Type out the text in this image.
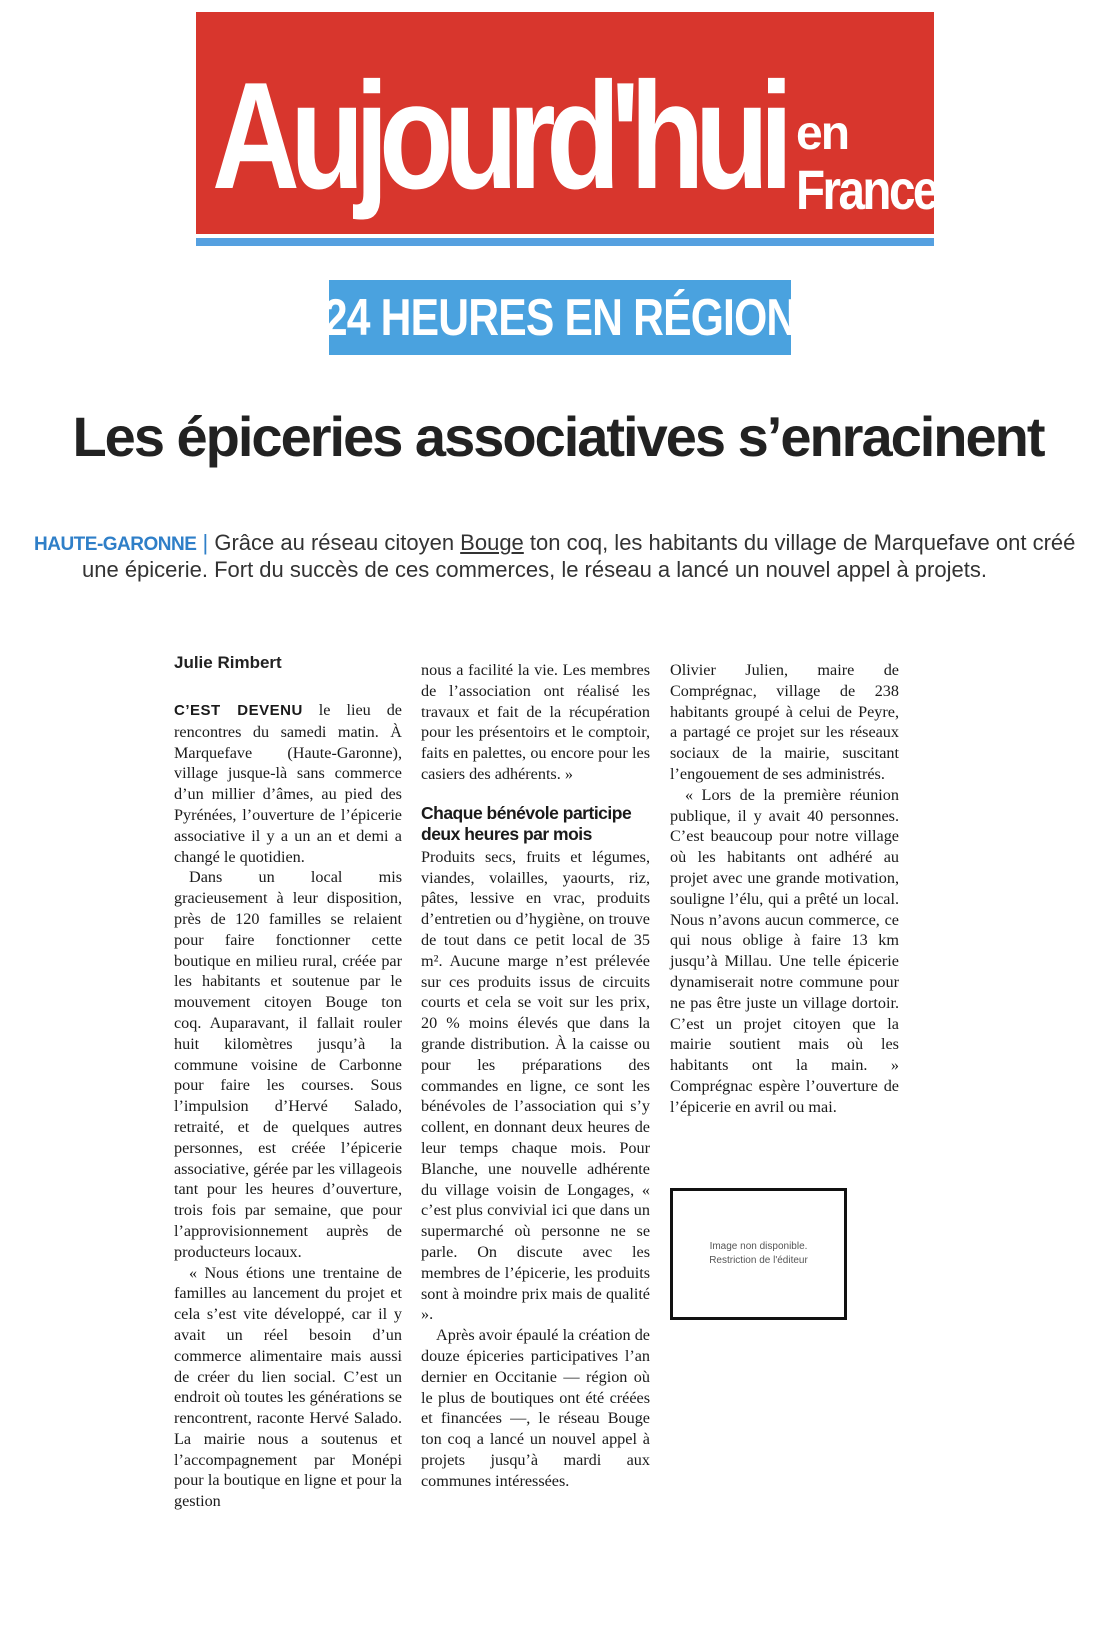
Aujourd'hui en
France
24 HEURES EN RÉGION
Les épiceries associatives s’enracinent
HAUTE-GARONNE | Grâce au réseau citoyen Bouge ton coq, les habitants du village de Marquefave ont créé
une épicerie. Fort du succès de ces commerces, le réseau a lancé un nouvel appel à projets.
Julie Rimbert

C’EST DEVENU le lieu de rencontres du samedi matin. À Marquefave (Haute-Garonne), village jusque-là sans commerce d’un millier d’âmes, au pied des Pyrénées, l’ouverture de l’épicerie associative il y a un an et demi a changé le quotidien.

Dans un local mis gracieusement à leur disposition, près de 120 familles se relaient pour faire fonctionner cette boutique en milieu rural, créée par les habitants et soutenue par le mouvement citoyen Bouge ton coq. Auparavant, il fallait rouler huit kilomètres jusqu’à la commune voisine de Carbonne pour faire les courses. Sous l’impulsion d’Hervé Salado, retraité, et de quelques autres personnes, est créée l’épicerie associative, gérée par les villageois tant pour les heures d’ouverture, trois fois par semaine, que pour l’approvisionnement auprès de producteurs locaux.

« Nous étions une trentaine de familles au lancement du projet et cela s’est vite développé, car il y avait un réel besoin d’un commerce alimentaire mais aussi de créer du lien social. C’est un endroit où toutes les générations se rencontrent, raconte Hervé Salado. La mairie nous a soutenus et l’accompagnement par Monépi pour la boutique en ligne et pour la gestion

nous a facilité la vie. Les membres de l’association ont réalisé les travaux et fait de la récupération pour les présentoirs et le comptoir, faits en palettes, ou encore pour les casiers des adhérents. »

Chaque bénévole participe deux heures par mois

Produits secs, fruits et légumes, viandes, volailles, yaourts, riz, pâtes, lessive en vrac, produits d’entretien ou d’hygiène, on trouve de tout dans ce petit local de 35 m². Aucune marge n’est prélevée sur ces produits issus de circuits courts et cela se voit sur les prix, 20 % moins élevés que dans la grande distribution. À la caisse ou pour les préparations des commandes en ligne, ce sont les bénévoles de l’association qui s’y collent, en donnant deux heures de leur temps chaque mois. Pour Blanche, une nouvelle adhérente du village voisin de Longages, « c’est plus convivial ici que dans un supermarché où personne ne se parle. On discute avec les membres de l’épicerie, les produits sont à moindre prix mais de qualité ».

Après avoir épaulé la création de douze épiceries participatives l’an dernier en Occitanie — région où le plus de boutiques ont été créées et financées —, le réseau Bouge ton coq a lancé un nouvel appel à projets jusqu’à mardi aux communes intéressées.

Olivier Julien, maire de Comprégnac, village de 238 habitants groupé à celui de Peyre, a partagé ce projet sur les réseaux sociaux de la mairie, suscitant l’engouement de ses administrés.

« Lors de la première réunion publique, il y avait 40 personnes. C’est beaucoup pour notre village où les habitants ont adhéré au projet avec une grande motivation, souligne l’élu, qui a prêté un local. Nous n’avons aucun commerce, ce qui nous oblige à faire 13 km jusqu’à Millau. Une telle épicerie dynamiserait notre commune pour ne pas être juste un village dortoir. C’est un projet citoyen que la mairie soutient mais où les habitants ont la main. » Comprégnac espère l’ouverture de l’épicerie en avril ou mai.

Image non disponible.
Restriction de l'éditeur
